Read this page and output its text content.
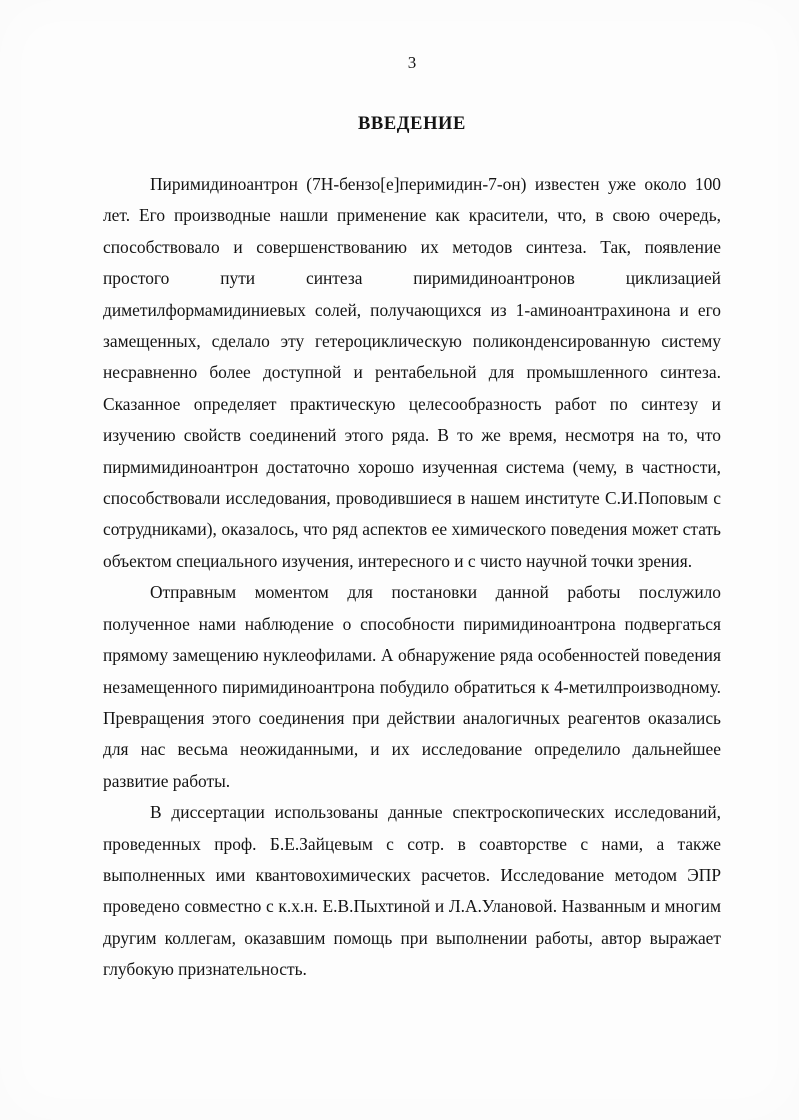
3
ВВЕДЕНИЕ

Пиримидиноантрон (7Н-бензо[е]перимидин-7-он) известен уже около 100 лет. Его производные нашли применение как красители, что, в свою очередь, способствовало и совершенствованию их методов синтеза. Так, появление простого пути синтеза пиримидиноантронов циклизацией диметилформамидиниевых солей, получающихся из 1-аминоантрахинона и его замещенных, сделало эту гетероциклическую поликонденсированную систему несравненно более доступной и рентабельной для промышленного синтеза. Сказанное определяет практическую целесообразность работ по синтезу и изучению свойств соединений этого ряда. В то же время, несмотря на то, что пирмимидиноантрон достаточно хорошо изученная система (чему, в частности, способствовали исследования, проводившиеся в нашем институте С.И.Поповым с сотрудниками), оказалось, что ряд аспектов ее химического поведения может стать объектом специального изучения, интересного и с чисто научной точки зрения.

Отправным моментом для постановки данной работы послужило полученное нами наблюдение о способности пиримидиноантрона подвергаться прямому замещению нуклеофилами. А обнаружение ряда особенностей поведения незамещенного пиримидиноантрона побудило обратиться к 4-метилпроизводному. Превращения этого соединения при действии аналогичных реагентов оказались для нас весьма неожиданными, и их исследование определило дальнейшее развитие работы.

В диссертации использованы данные спектроскопических исследований, проведенных проф. Б.Е.Зайцевым с сотр. в соавторстве с нами, а также выполненных ими квантовохимических расчетов. Исследование методом ЭПР проведено совместно с к.х.н. Е.В.Пыхтиной и Л.А.Улановой. Названным и многим другим коллегам, оказавшим помощь при выполнении работы, автор выражает глубокую признательность.
